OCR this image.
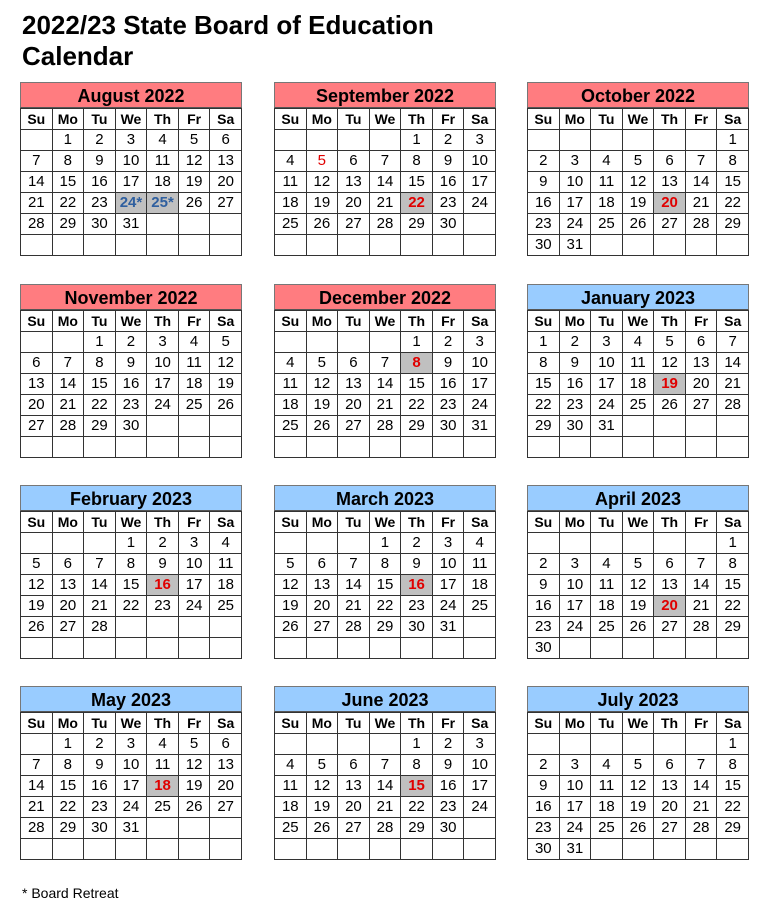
2022/23 State Board of Education Calendar
August 2022
Su	Mo	Tu	We	Th	Fr	Sa
	1	2	3	4	5	6
7	8	9	10	11	12	13
14	15	16	17	18	19	20
21	22	23	24*	25*	26	27
28	29	30	31			

September 2022
Su	Mo	Tu	We	Th	Fr	Sa
				1	2	3
4	5	6	7	8	9	10
11	12	13	14	15	16	17
18	19	20	21	22	23	24
25	26	27	28	29	30	

October 2022
Su	Mo	Tu	We	Th	Fr	Sa
						1
2	3	4	5	6	7	8
9	10	11	12	13	14	15
16	17	18	19	20	21	22
23	24	25	26	27	28	29
30	31					
November 2022
Su	Mo	Tu	We	Th	Fr	Sa
		1	2	3	4	5
6	7	8	9	10	11	12
13	14	15	16	17	18	19
20	21	22	23	24	25	26
27	28	29	30			

December 2022
Su	Mo	Tu	We	Th	Fr	Sa
				1	2	3
4	5	6	7	8	9	10
11	12	13	14	15	16	17
18	19	20	21	22	23	24
25	26	27	28	29	30	31

January 2023
Su	Mo	Tu	We	Th	Fr	Sa
1	2	3	4	5	6	7
8	9	10	11	12	13	14
15	16	17	18	19	20	21
22	23	24	25	26	27	28
29	30	31				

February 2023
Su	Mo	Tu	We	Th	Fr	Sa
			1	2	3	4
5	6	7	8	9	10	11
12	13	14	15	16	17	18
19	20	21	22	23	24	25
26	27	28				

March 2023
Su	Mo	Tu	We	Th	Fr	Sa
			1	2	3	4
5	6	7	8	9	10	11
12	13	14	15	16	17	18
19	20	21	22	23	24	25
26	27	28	29	30	31	

April 2023
Su	Mo	Tu	We	Th	Fr	Sa
						1
2	3	4	5	6	7	8
9	10	11	12	13	14	15
16	17	18	19	20	21	22
23	24	25	26	27	28	29
30						
May 2023
Su	Mo	Tu	We	Th	Fr	Sa
	1	2	3	4	5	6
7	8	9	10	11	12	13
14	15	16	17	18	19	20
21	22	23	24	25	26	27
28	29	30	31			

June 2023
Su	Mo	Tu	We	Th	Fr	Sa
				1	2	3
4	5	6	7	8	9	10
11	12	13	14	15	16	17
18	19	20	21	22	23	24
25	26	27	28	29	30	

July 2023
Su	Mo	Tu	We	Th	Fr	Sa
						1
2	3	4	5	6	7	8
9	10	11	12	13	14	15
16	17	18	19	20	21	22
23	24	25	26	27	28	29
30	31					
* Board Retreat
